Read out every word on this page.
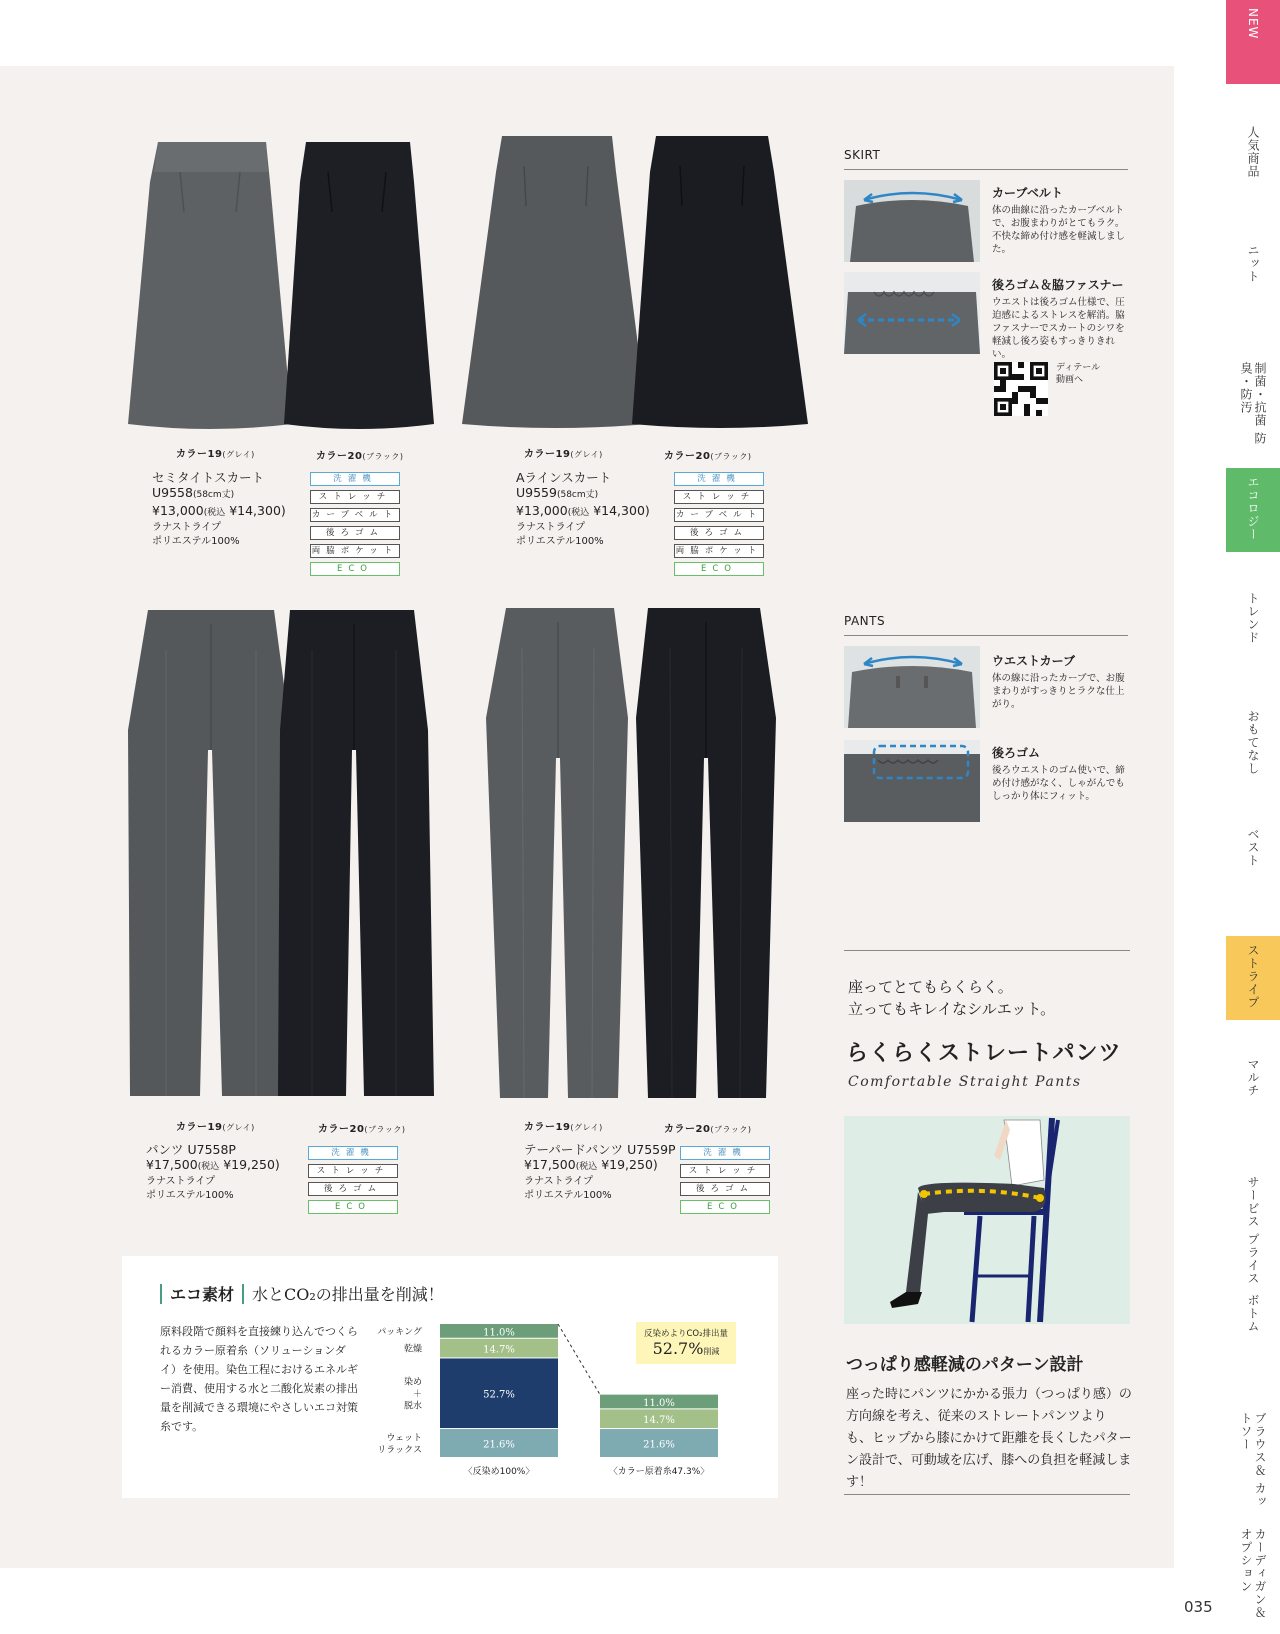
カラー19(グレイ)	カラー20(ブラック)
セミタイトスカート
U9558(58cm丈)
¥13,000(税込 ¥14,300)
ラナストライプ
ポリエステル100%
洗濯機
ストレッチ
カーブベルト
後ろゴム
両脇ポケット
ECO
カラー19(グレイ)	カラー20(ブラック)
Aラインスカート
U9559(58cm丈)
¥13,000(税込 ¥14,300)
ラナストライプ
ポリエステル100%
洗濯機
ストレッチ
カーブベルト
後ろゴム
両脇ポケット
ECO
カラー19(グレイ)	カラー20(ブラック)
パンツ U7558P
¥17,500(税込 ¥19,250)
ラナストライプ
ポリエステル100%
洗濯機
ストレッチ
後ろゴム
ECO
カラー19(グレイ)	カラー20(ブラック)
テーパードパンツ U7559P
¥17,500(税込 ¥19,250)
ラナストライプ
ポリエステル100%
洗濯機
ストレッチ
後ろゴム
ECO
SKIRT
カーブベルト
体の曲線に沿ったカーブベルトで、お腹まわりがとてもラク。不快な締め付け感を軽減しました。
後ろゴム＆脇ファスナー
ウエストは後ろゴム仕様で、圧迫感によるストレスを解消。脇ファスナーでスカートのシワを軽減し後ろ姿もすっきりきれい。
ディテール
動画へ
PANTS
ウエストカーブ
体の線に沿ったカーブで、お腹まわりがすっきりとラクな仕上がり。
後ろゴム
後ろウエストのゴム使いで、締め付け感がなく、しゃがんでもしっかり体にフィット。
座ってとてもらくらく。
立ってもキレイなシルエット。
らくらくストレートパンツ
Comfortable Straight Pants
つっぱり感軽減のパターン設計
座った時にパンツにかかる張力（つっぱり感）の方向線を考え、従来のストレートパンツよりも、ヒップから膝にかけて距離を長くしたパターン設計で、可動域を広げ、膝への負担を軽減します！
エコ素材 水とCO₂の排出量を削減！
原料段階で顔料を直接練り込んでつくられるカラー原着糸（ソリューションダイ）を使用。染色工程におけるエネルギー消費、使用する水と二酸化炭素の排出量を削減できる環境にやさしいエコ対策糸です。
11.0%
14.7%
52.7%
21.6%
〈反染め100%〉
11.0%
14.7%
21.6%
〈カラー原着糸47.3%〉
パッキング
乾燥
染め
＋
脱水
ウェット
リラックス
反染めよりCO₂排出量
52.7%削減
NEW
人気商品
ニット
制菌・抗菌 防臭・防汚
エコロジー
トレンド
おもてなし
ベスト
ストライプ
マルチ
サービス プライス
ボトム
ブラウス＆ カットソー
カーディガン＆ オプション
035
